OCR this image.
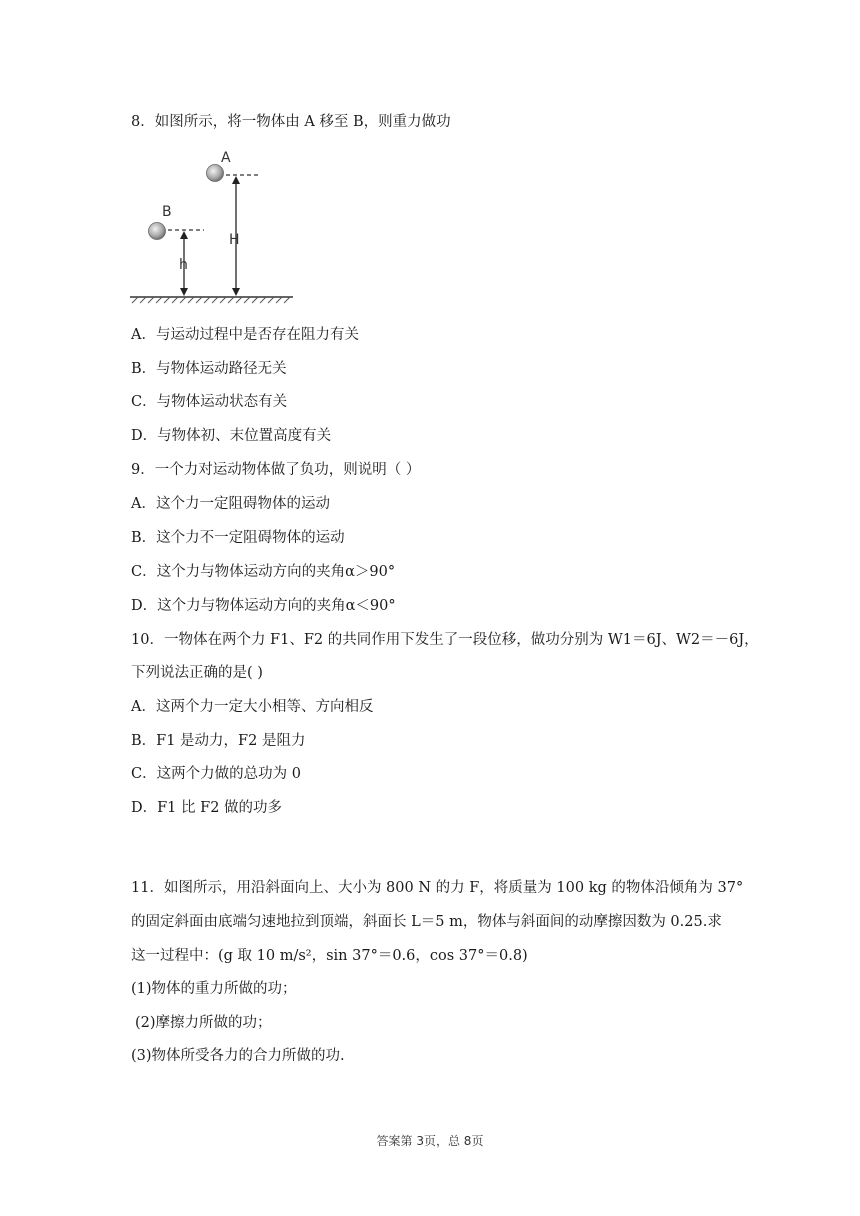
8．如图所示，将一物体由 A 移至 B，则重力做功
A
B
H
h
A．与运动过程中是否存在阻力有关
B．与物体运动路径无关
C．与物体运动状态有关
D．与物体初、末位置高度有关
9．一个力对运动物体做了负功，则说明（ ）
A．这个力一定阻碍物体的运动
B．这个力不一定阻碍物体的运动
C．这个力与物体运动方向的夹角α＞90°
D．这个力与物体运动方向的夹角α＜90°
10．一物体在两个力 F1、F2 的共同作用下发生了一段位移，做功分别为 W1＝6J、W2＝－6J，
下列说法正确的是( )
A．这两个力一定大小相等、方向相反
B．F1 是动力，F2 是阻力
C．这两个力做的总功为 0
D．F1 比 F2 做的功多
11．如图所示，用沿斜面向上、大小为 800 N 的力 F，将质量为 100 kg 的物体沿倾角为 37°
的固定斜面由底端匀速地拉到顶端，斜面长 L＝5 m，物体与斜面间的动摩擦因数为 0.25.求
这一过程中：(g 取 10 m/s²，sin 37°＝0.6，cos 37°＝0.8)
(1)物体的重力所做的功；
(2)摩擦力所做的功；
(3)物体所受各力的合力所做的功.
答案第 3页，总 8页
